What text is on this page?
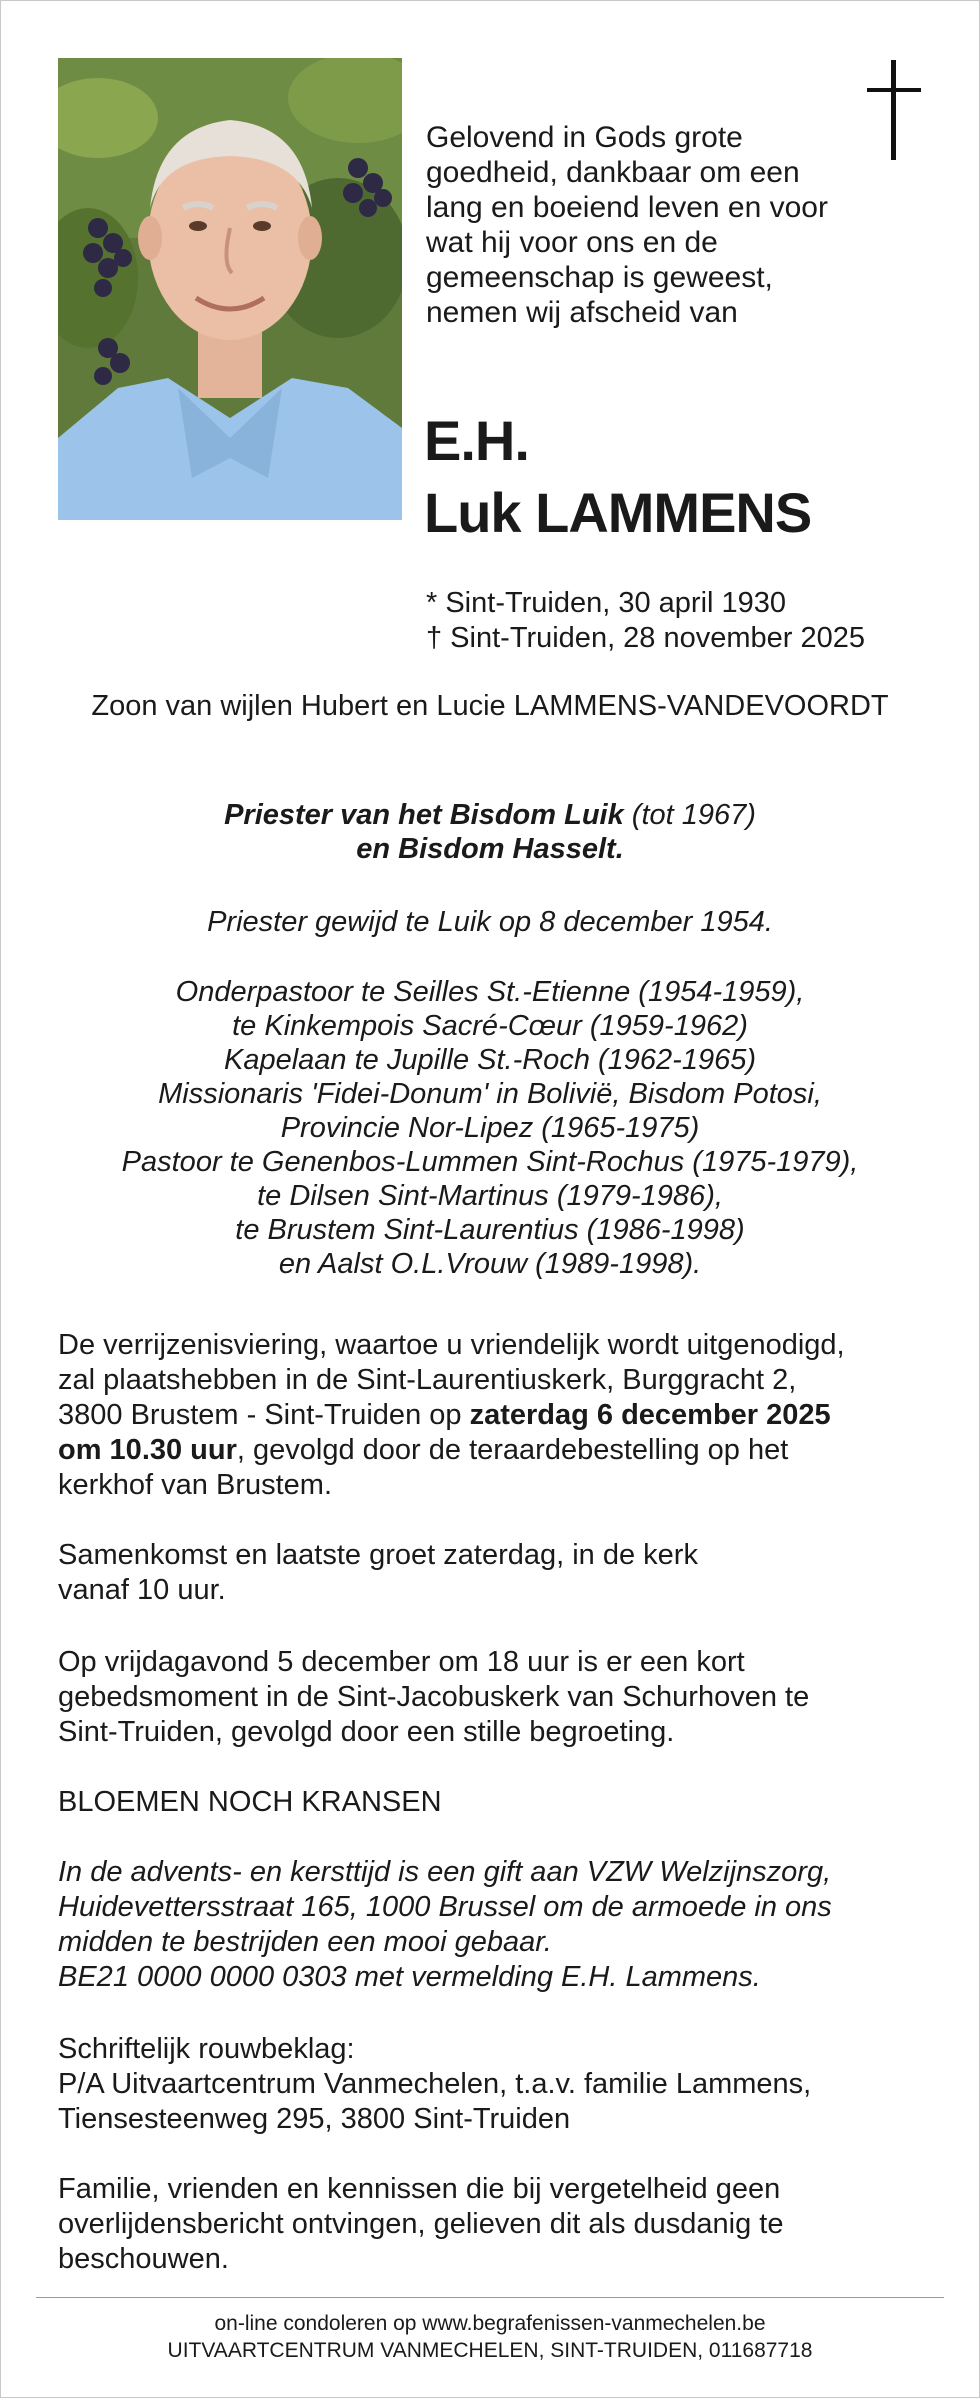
Gelovend in Gods grote
goedheid, dankbaar om een
lang en boeiend leven en voor
wat hij voor ons en de
gemeenschap is geweest,
nemen wij afscheid van
E.H.
Luk LAMMENS
* Sint-Truiden, 30 april 1930
† Sint-Truiden, 28 november 2025
Zoon van wijlen Hubert en Lucie LAMMENS-VANDEVOORDT
Priester van het Bisdom Luik (tot 1967)
en Bisdom Hasselt.
Priester gewijd te Luik op 8 december 1954.
Onderpastoor te Seilles St.-Etienne (1954-1959),
te Kinkempois Sacré-Cœur (1959-1962)
Kapelaan te Jupille St.-Roch (1962-1965)
Missionaris 'Fidei-Donum' in Bolivië, Bisdom Potosi,
Provincie Nor-Lipez (1965-1975)
Pastoor te Genenbos-Lummen Sint-Rochus (1975-1979),
te Dilsen Sint-Martinus (1979-1986),
te Brustem Sint-Laurentius (1986-1998)
en Aalst O.L.Vrouw (1989-1998).
De verrijzenisviering, waartoe u vriendelijk wordt uitgenodigd,
zal plaatshebben in de Sint-Laurentiuskerk, Burggracht 2,
3800 Brustem - Sint-Truiden op zaterdag 6 december 2025
om 10.30 uur, gevolgd door de teraardebestelling op het
kerkhof van Brustem.
Samenkomst en laatste groet zaterdag, in de kerk
vanaf 10 uur.
Op vrijdagavond 5 december om 18 uur is er een kort
gebedsmoment in de Sint-Jacobuskerk van Schurhoven te
Sint-Truiden, gevolgd door een stille begroeting.
BLOEMEN NOCH KRANSEN
In de advents- en kersttijd is een gift aan VZW Welzijnszorg,
Huidevettersstraat 165, 1000 Brussel om de armoede in ons
midden te bestrijden een mooi gebaar.
BE21 0000 0000 0303 met vermelding E.H. Lammens.
Schriftelijk rouwbeklag:
P/A Uitvaartcentrum Vanmechelen, t.a.v. familie Lammens,
Tiensesteenweg 295, 3800 Sint-Truiden
Familie, vrienden en kennissen die bij vergetelheid geen
overlijdensbericht ontvingen, gelieven dit als dusdanig te
beschouwen.
on-line condoleren op www.begrafenissen-vanmechelen.be
UITVAARTCENTRUM VANMECHELEN, SINT-TRUIDEN, 011687718
